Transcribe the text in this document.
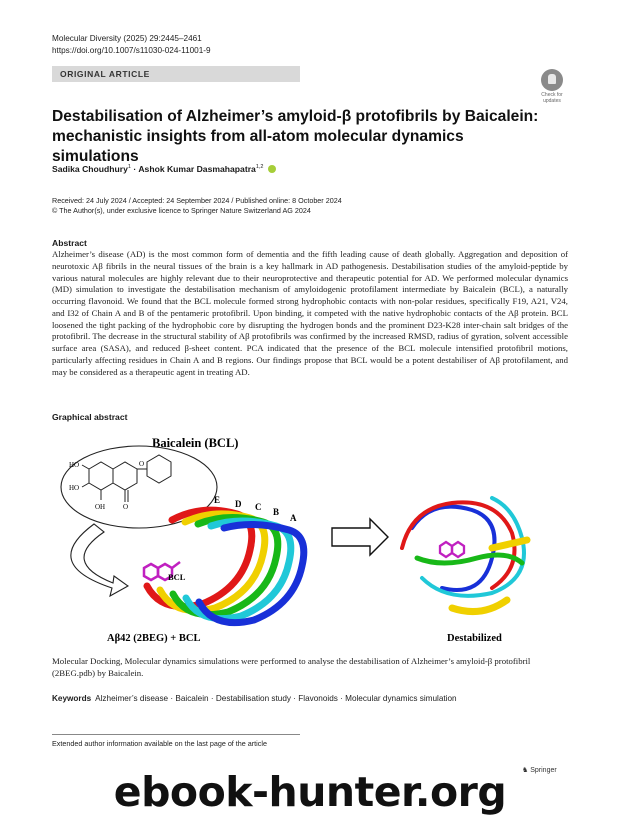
Molecular Diversity (2025) 29:2445–2461
https://doi.org/10.1007/s11030-024-11001-9
ORIGINAL ARTICLE
Check for updates
Destabilisation of Alzheimer’s amyloid-β protofibrils by Baicalein: mechanistic insights from all-atom molecular dynamics simulations
Sadika Choudhury$^1$ · Ashok Kumar Dasmahapatra$^{1,2}$
Received: 24 July 2024 / Accepted: 24 September 2024 / Published online: 8 October 2024
© The Author(s), under exclusive licence to Springer Nature Switzerland AG 2024
Abstract
Alzheimer’s disease (AD) is the most common form of dementia and the fifth leading cause of death globally. Aggregation and deposition of neurotoxic Aβ fibrils in the neural tissues of the brain is a key hallmark in AD pathogenesis. Destabilisation studies of the amyloid-peptide by various natural molecules are highly relevant due to their neuroprotective and therapeutic potential for AD. We performed molecular dynamics (MD) simulation to investigate the destabilisation mechanism of amyloidogenic protofilament intermediate by Baicalein (BCL), a naturally occurring flavonoid. We found that the BCL molecule formed strong hydrophobic contacts with non-polar residues, specifically F19, A21, V24, and I32 of Chain A and B of the pentameric protofibril. Upon binding, it competed with the native hydrophobic contacts of the Aβ protein. BCL loosened the tight packing of the hydrophobic core by disrupting the hydrogen bonds and the prominent D23-K28 inter-chain salt bridges of the protofibril. The decrease in the structural stability of Aβ protofibrils was confirmed by the increased RMSD, radius of gyration, solvent accessible surface area (SASA), and reduced β-sheet content. PCA indicated that the presence of the BCL molecule intensified protofibril motions, particularly affecting residues in Chain A and B regions. Our findings propose that BCL would be a potent destabiliser of Aβ protofilament, and may be considered as a therapeutic agent in treating AD.
Graphical abstract
Baicalein (BCL)
HO
HO
OH	O
O
E D C B
A
BCL
Aβ42 (2BEG) + BCL	Destabilized
Molecular Docking, Molecular dynamics simulations were performed to analyse the destabilisation of Alzheimer’s amyloid-β protofibril (2BEG.pdb) by Baicalein.
Keywords Alzheimer’s disease · Baicalein · Destabilisation study · Flavonoids · Molecular dynamics simulation
Extended author information available on the last page of the article
♞ Springer
ebook-hunter.org
